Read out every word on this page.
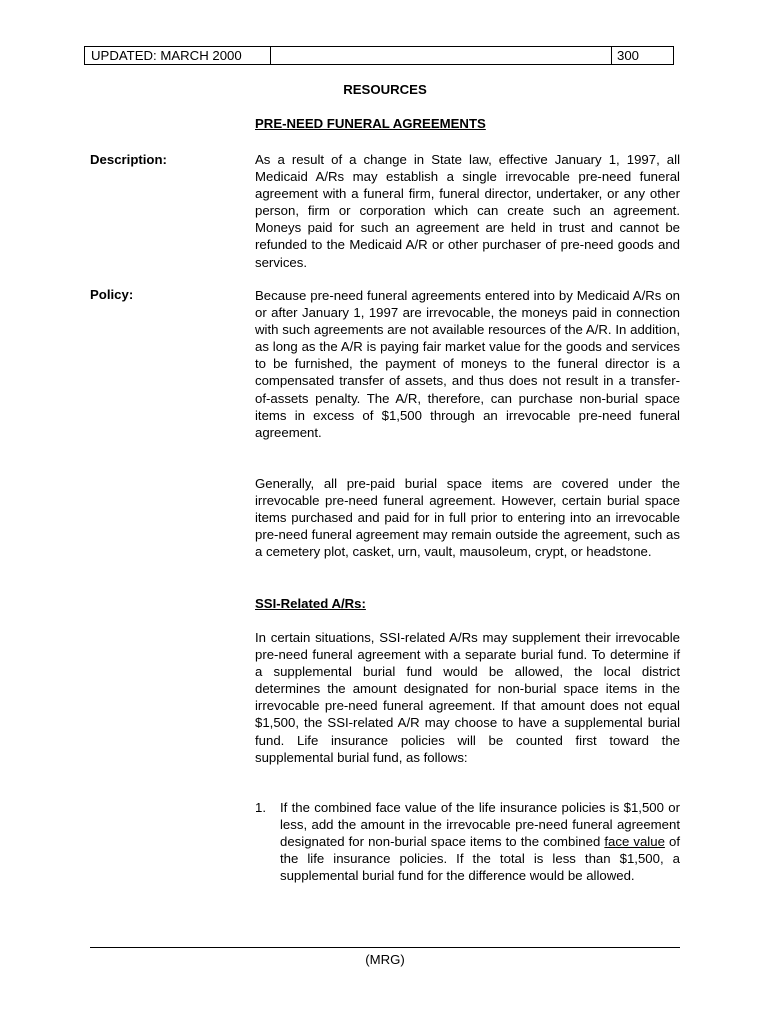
UPDATED: MARCH 2000	300
RESOURCES
PRE-NEED FUNERAL AGREEMENTS
Description:	As a result of a change in State law, effective January 1, 1997, all Medicaid A/Rs may establish a single irrevocable pre-need funeral agreement with a funeral firm, funeral director, undertaker, or any other person, firm or corporation which can create such an agreement. Moneys paid for such an agreement are held in trust and cannot be refunded to the Medicaid A/R or other purchaser of pre-need goods and services.

Policy:	Because pre-need funeral agreements entered into by Medicaid A/Rs on or after January 1, 1997 are irrevocable, the moneys paid in connection with such agreements are not available resources of the A/R. In addition, as long as the A/R is paying fair market value for the goods and services to be furnished, the payment of moneys to the funeral director is a compensated transfer of assets, and thus does not result in a transfer-of-assets penalty. The A/R, therefore, can purchase non-burial space items in excess of $1,500 through an irrevocable pre-need funeral agreement.

Generally, all pre-paid burial space items are covered under the irrevocable pre-need funeral agreement. However, certain burial space items purchased and paid for in full prior to entering into an irrevocable pre-need funeral agreement may remain outside the agreement, such as a cemetery plot, casket, urn, vault, mausoleum, crypt, or headstone.

SSI-Related A/Rs:

In certain situations, SSI-related A/Rs may supplement their irrevocable pre-need funeral agreement with a separate burial fund. To determine if a supplemental burial fund would be allowed, the local district determines the amount designated for non-burial space items in the irrevocable pre-need funeral agreement. If that amount does not equal $1,500, the SSI-related A/R may choose to have a supplemental burial fund. Life insurance policies will be counted first toward the supplemental burial fund, as follows:

1. If the combined face value of the life insurance policies is $1,500 or less, add the amount in the irrevocable pre-need funeral agreement designated for non-burial space items to the combined face value of the life insurance policies. If the total is less than $1,500, a supplemental burial fund for the difference would be allowed.
(MRG)
